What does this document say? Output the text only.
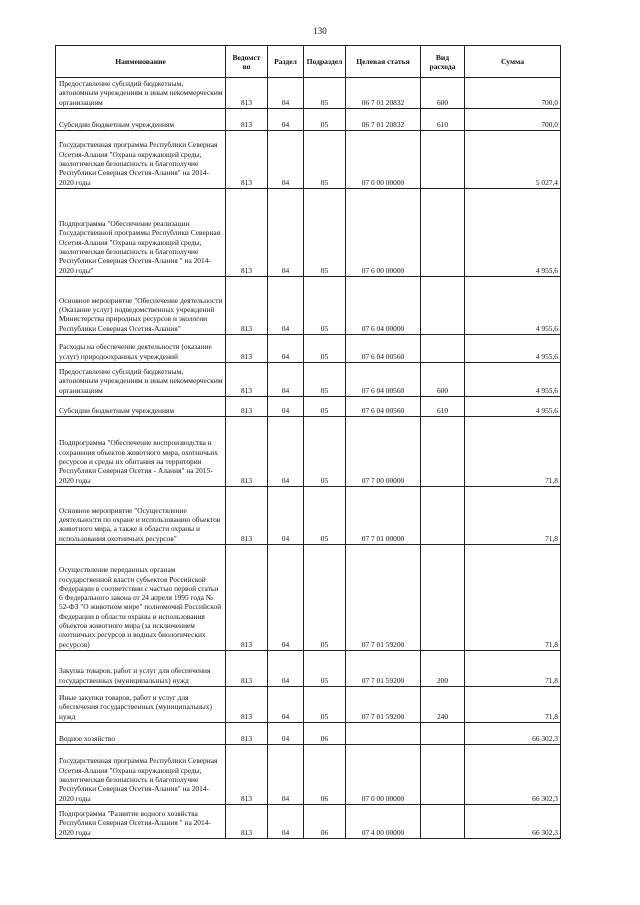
130
Наименование	Ведомст во	Раздел	Подраздел	Целевая статья	Вид расхода	Сумма
Предоставление субсидий бюджетным, автономным учреждениям и иным некоммерческим организациям	813	04	05	06 7 01 20832	600	700,0
Субсидии бюджетным учреждениям	813	04	05	06 7 01 20832	610	700,0
Государственная программа Республики Северная Осетия-Алания "Охрана окружающей среды, экологическая безопасность и благополучие Республики Северная Осетия-Алания" на 2014-2020 годы	813	04	05	07 0 00 00000		5 027,4
Подпрограмма "Обеспечение реализации Государственной программы Республики Северная Осетия-Алания "Охрана окружающей среды, экологическая безопасность и благополучие Республики Северная Осетия-Алания " на 2014-2020 годы"	813	04	05	07 6 00 00000		4 955,6
Основное мероприятие "Обеспечение деятельности (Оказание услуг) подведомственных учреждений Министерства природных ресурсов и экологии Республики Северная Осетия-Алания"	813	04	05	07 6 04 00000		4 955,6
Расходы на обеспечение деятельности (оказание услуг) природоохранных учреждений	813	04	05	07 6 04 00560		4 955,6
Предоставление субсидий бюджетным, автономным учреждениям и иным некоммерческим организациям	813	04	05	07 6 04 00560	600	4 955,6
Субсидии бюджетным учреждениям	813	04	05	07 6 04 00560	610	4 955,6
Подпрограмма "Обеспечение воспроизводства и сохранения объектов животного мира, охотничьих ресурсов и среды их обитания на территории Республики Северная Осетия - Алания" на 2015-2020 годы	813	04	05	07 7 00 00000		71,8
Основное мероприятие "Осуществление деятельности по охране и использованию объектов животного мира, а также в области охраны и использования охотничьих ресурсов"	813	04	05	07 7 01 00000		71,8
Осуществление переданных органам государственной власти субъектов Российской Федерации в соответствии с частью первой статьи 6 Федерального закона от 24 апреля 1995 года № 52-ФЗ "О животном мире" полномочий Российской Федерации в области охраны и использования объектов животного мира (за исключением охотничьих ресурсов и водных биологических ресурсов)	813	04	05	07 7 01 59200		71,8
Закупка товаров, работ и услуг для обеспечения государственных (муниципальных) нужд	813	04	05	07 7 01 59200	200	71,8
Иные закупки товаров, работ и услуг для обеспечения государственных (муниципальных) нужд	813	04	05	07 7 01 59200	240	71,8
Водное хозяйство	813	04	06			66 302,3
Государственная программа Республики Северная Осетия-Алания "Охрана окружающей среды, экологическая безопасность и благополучие Республики Северная Осетия-Алания" на 2014-2020 годы	813	04	06	07 0 00 00000		66 302,3
Подпрограмма "Развитие водного хозяйства Республики Северная Осетия-Алания " на 2014-2020 годы	813	04	06	07 4 00 00000		66 302,3
